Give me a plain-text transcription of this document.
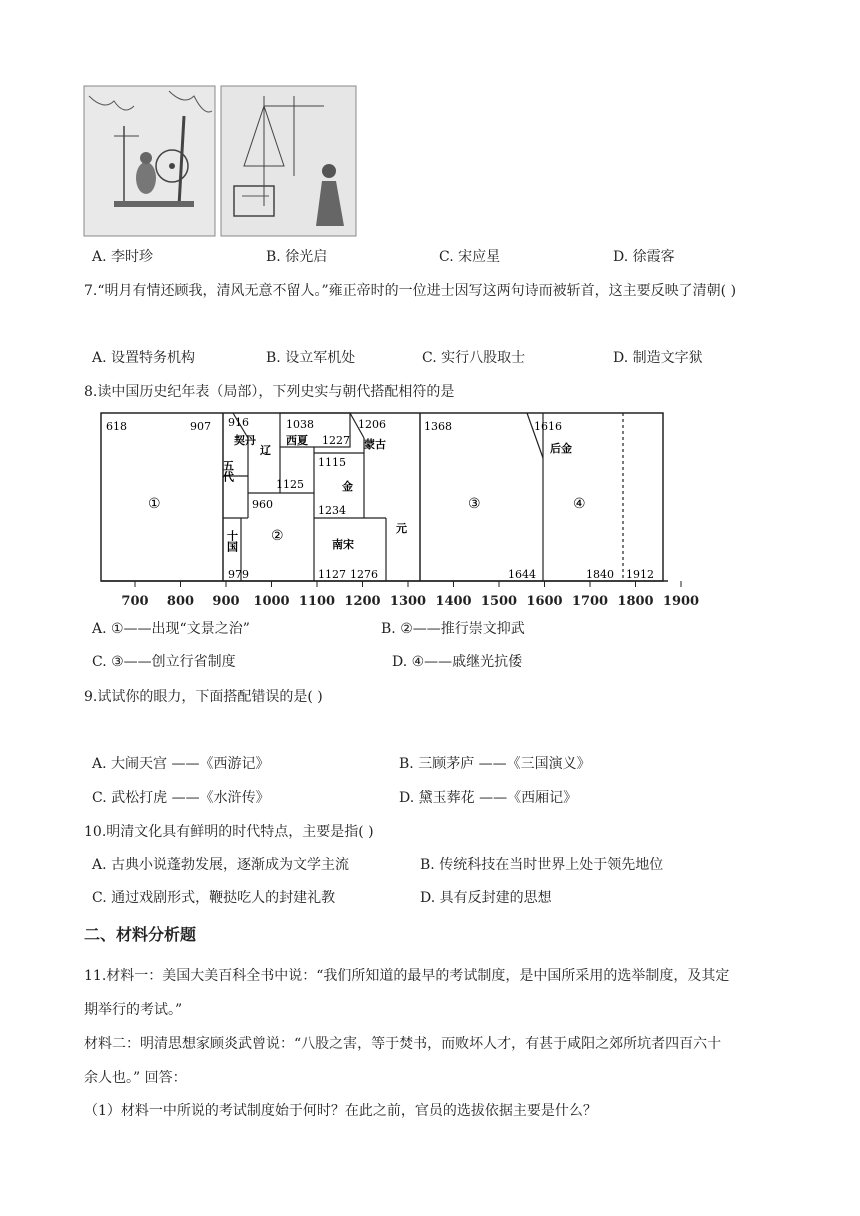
A. 李时珍	B. 徐光启	C. 宋应星	D. 徐霞客
7.“明月有情还顾我，清风无意不留人。”雍正帝时的一位进士因写这两句诗而被斩首，这主要反映了清朝( )
A. 设置特务机构	B. 设立军机处	C. 实行八股取士	D. 制造文字狱
8.读中国历史纪年表（局部），下列史实与朝代搭配相符的是
700 800 900 1000 1100 1200 1300 1400 1500 1600 1700 1800 1900
618	907 916
契丹
1038
西夏 1227
1206
蒙古
辽
1115
五代
1125	金
960	1234
十国	南宋
元
979	1127 1276
1368
1644
1616
后金
1840 1912
①
②
③	④
A. ①——出现“文景之治”	B. ②——推行崇文抑武
C. ③——创立行省制度	D. ④——戚继光抗倭
9.试试你的眼力，下面搭配错误的是( )
A. 大闹天宫 ——《西游记》	B. 三顾茅庐 ——《三国演义》
C. 武松打虎 ——《水浒传》	D. 黛玉葬花 ——《西厢记》
10.明清文化具有鲜明的时代特点，主要是指( )
A. 古典小说蓬勃发展，逐渐成为文学主流	B. 传统科技在当时世界上处于领先地位
C. 通过戏剧形式，鞭挞吃人的封建礼教	D. 具有反封建的思想
二、材料分析题
11.材料一：美国大美百科全书中说：“我们所知道的最早的考试制度，是中国所采用的选举制度，及其定
期举行的考试。”
材料二：明清思想家顾炎武曾说：“八股之害，等于焚书，而败坏人才，有甚于咸阳之郊所坑者四百六十
余人也。” 回答：
（1）材料一中所说的考试制度始于何时？在此之前，官员的选拔依据主要是什么？
